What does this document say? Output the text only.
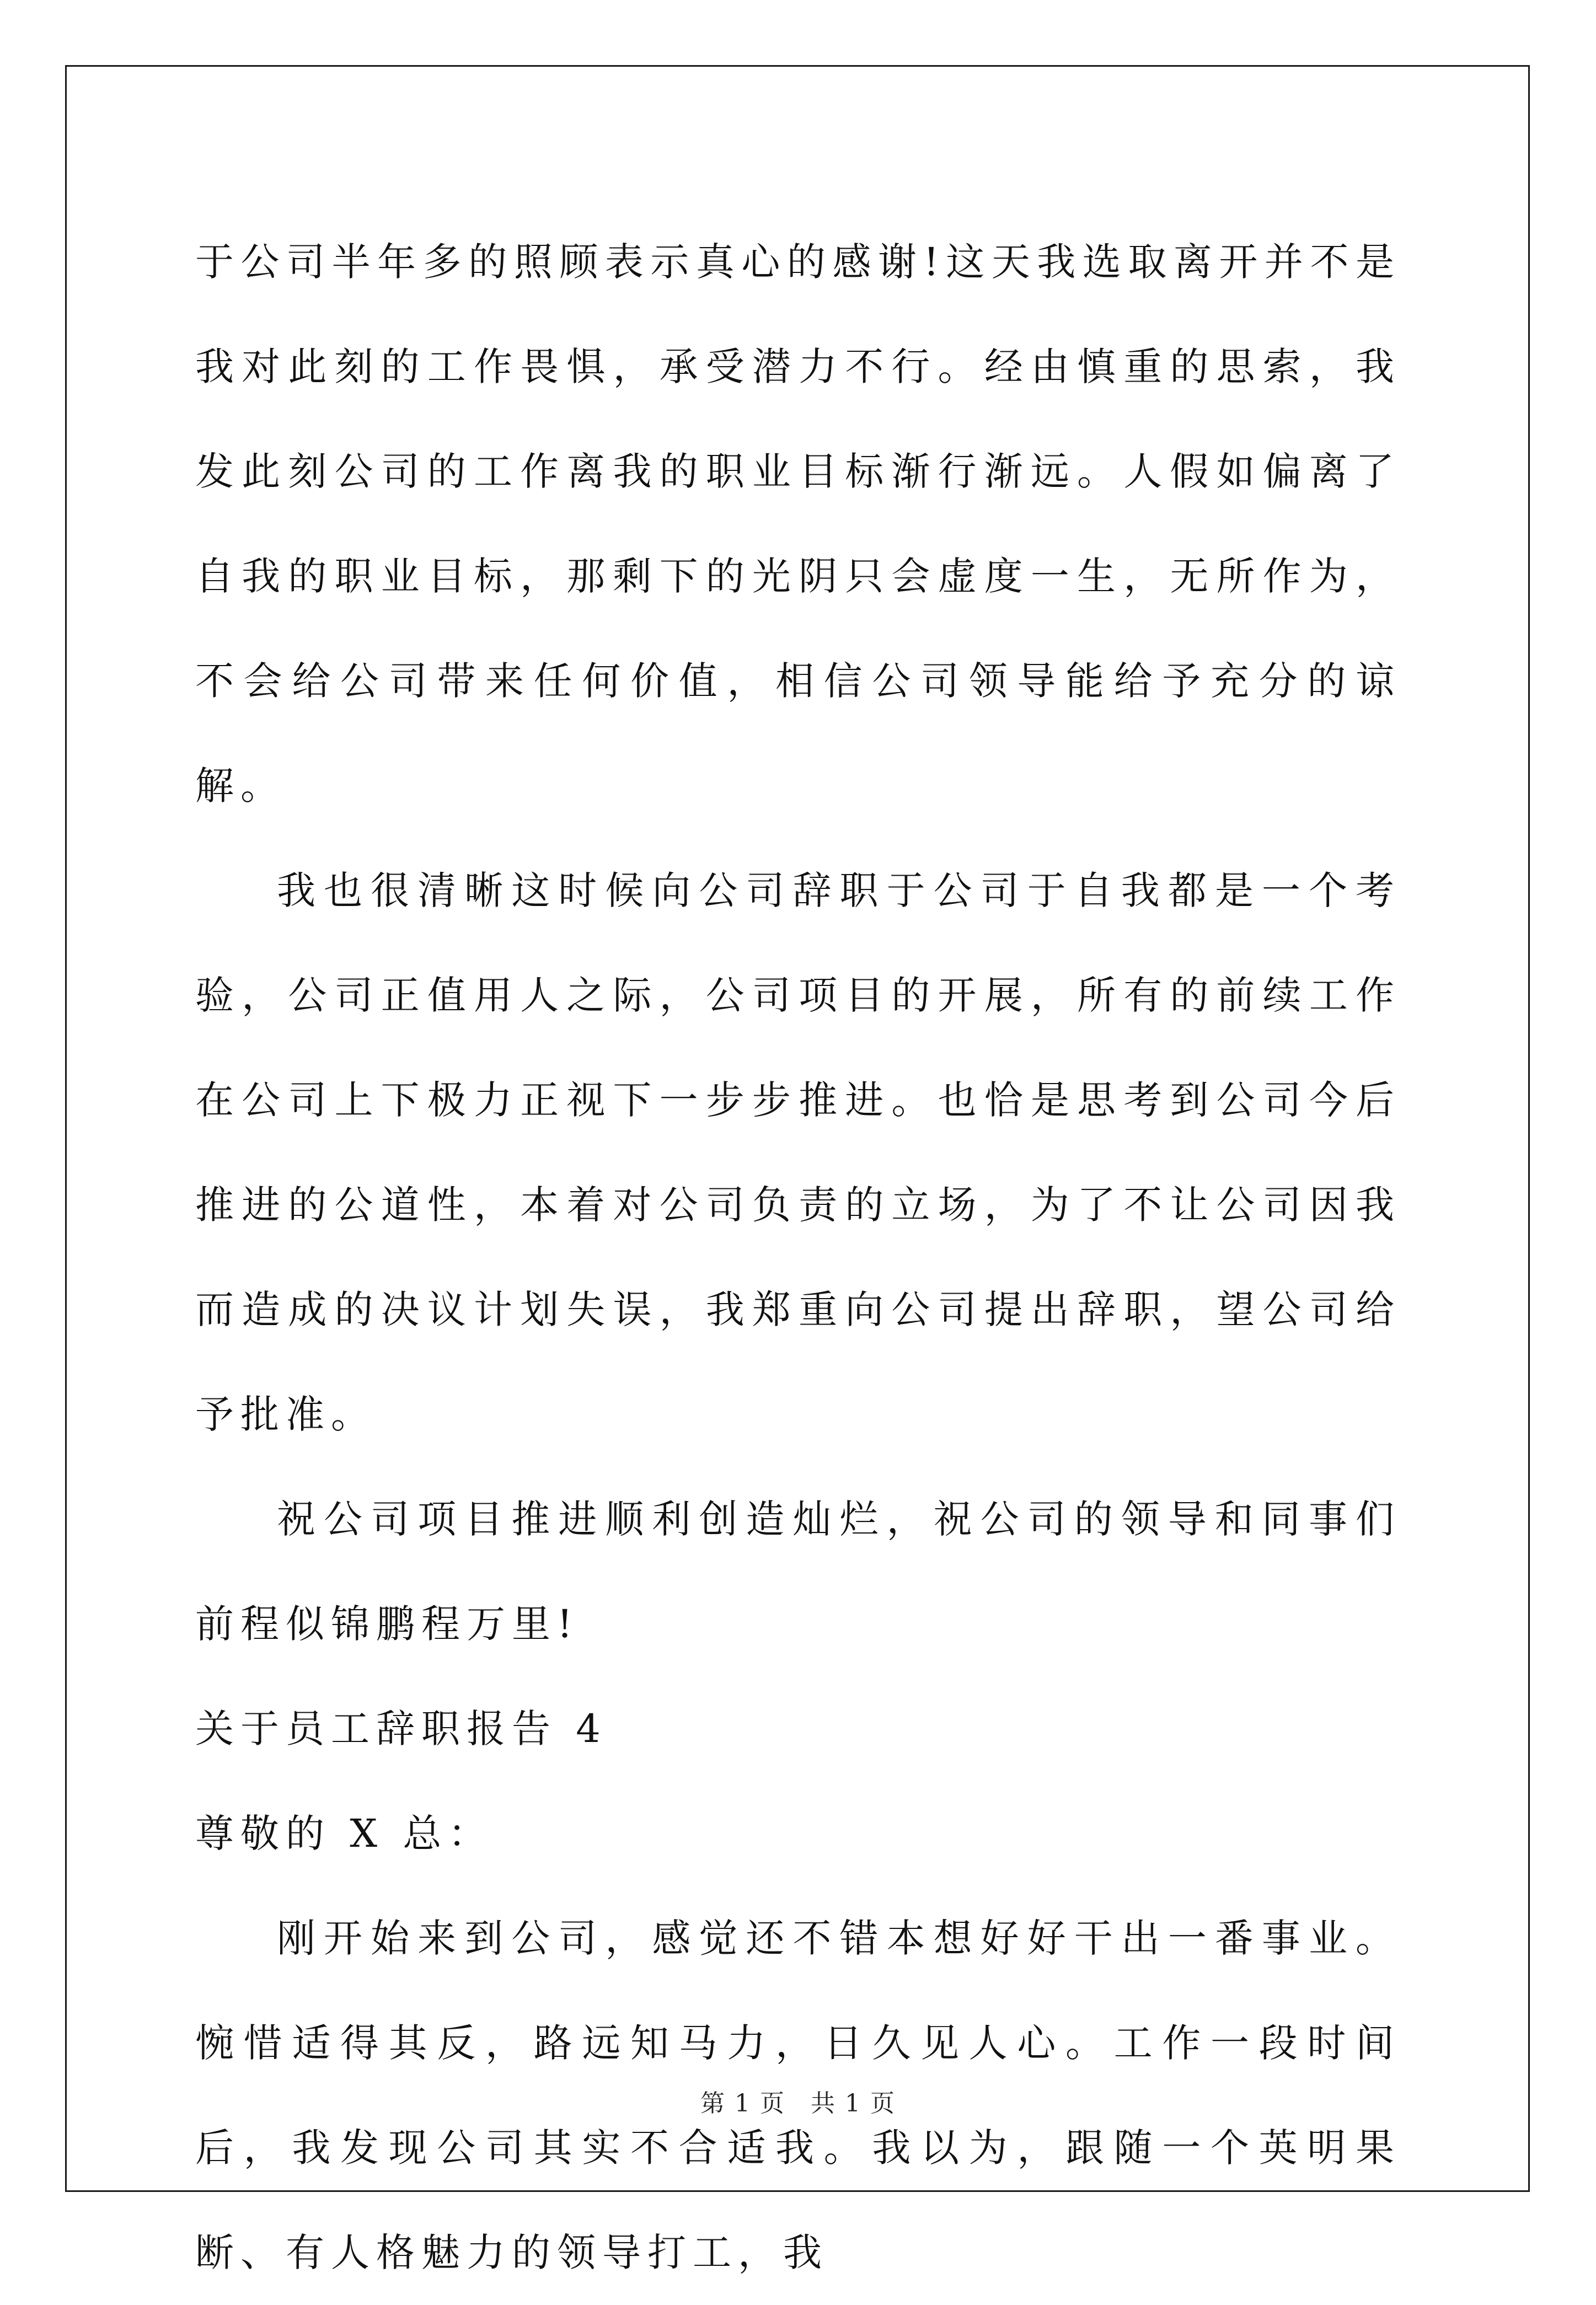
于公司半年多的照顾表示真心的感谢!这天我选取离开并不是我对此刻的工作畏惧，承受潜力不行。经由慎重的思索，我发此刻公司的工作离我的职业目标渐行渐远。人假如偏离了自我的职业目标，那剩下的光阴只会虚度一生，无所作为，不会给公司带来任何价值，相信公司领导能给予充分的谅解。

我也很清晰这时候向公司辞职于公司于自我都是一个考验，公司正值用人之际，公司项目的开展，所有的前续工作在公司上下极力正视下一步步推进。也恰是思考到公司今后推进的公道性，本着对公司负责的立场，为了不让公司因我而造成的决议计划失误，我郑重向公司提出辞职，望公司给予批准。

祝公司项目推进顺利创造灿烂，祝公司的领导和同事们前程似锦鹏程万里!

关于员工辞职报告 4

尊敬的 X 总：

刚开始来到公司，感觉还不错本想好好干出一番事业。惋惜适得其反，路远知马力，日久见人心。工作一段时间后，我发现公司其实不合适我。我以为，跟随一个英明果断、有人格魅力的领导打工，我

第 1 页　共 1 页
